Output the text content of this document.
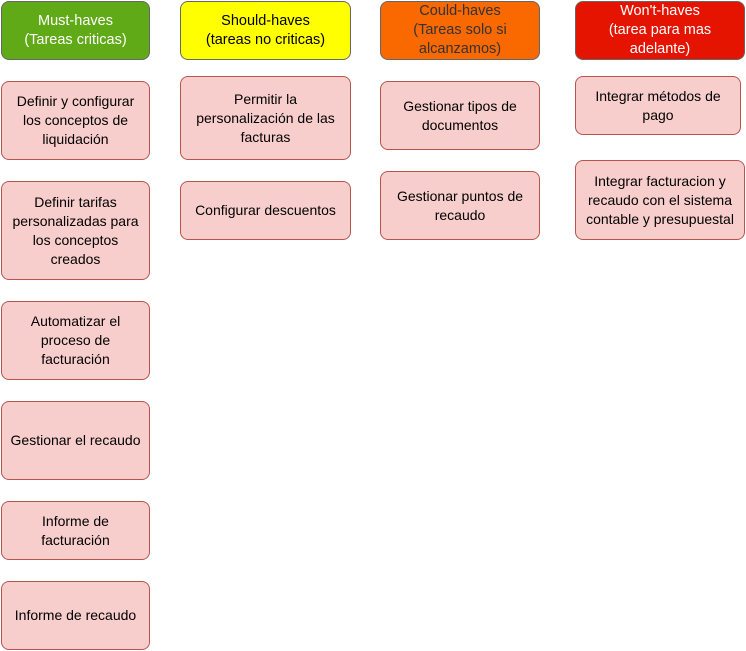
Must-haves
(Tareas criticas)
Should-haves
(tareas no criticas)
Could-haves
(Tareas solo si alcanzamos)
Won't-haves
(tarea para mas adelante)
Definir y configurar los conceptos de liquidación
Definir tarifas personalizadas para los conceptos creados
Automatizar el proceso de facturación
Gestionar el recaudo
Informe de facturación
Informe de recaudo
Permitir la personalización de las facturas
Configurar descuentos
Gestionar tipos de documentos
Gestionar puntos de recaudo
Integrar métodos de pago
Integrar facturacion y recaudo con el sistema contable y presupuestal
